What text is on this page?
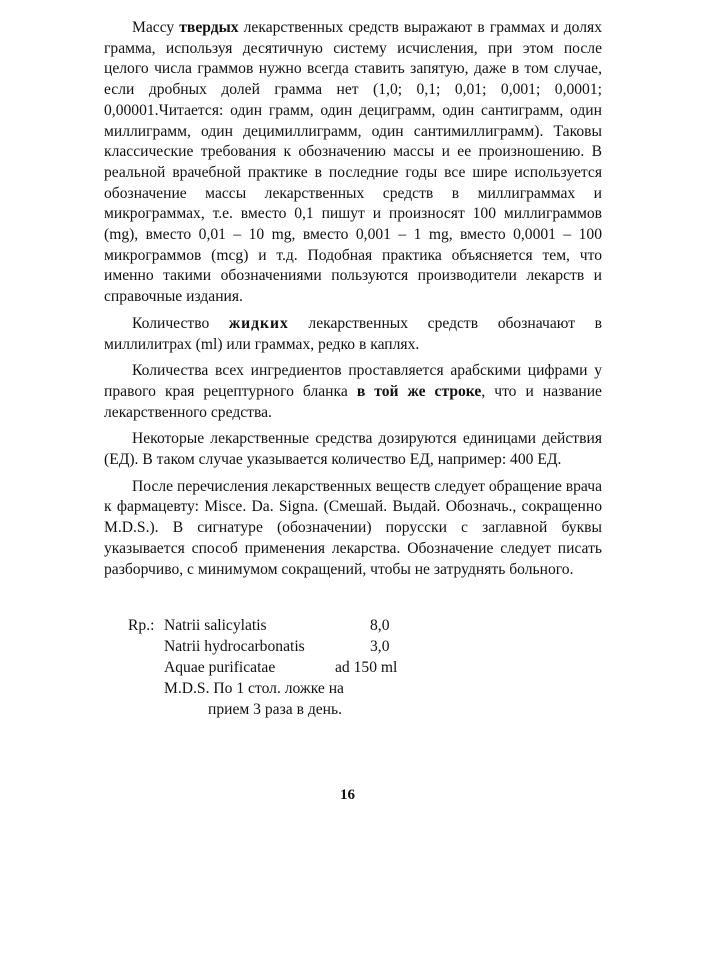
Массу твердых лекарственных средств выражают в граммах и долях грамма, используя десятичную систему исчисления, при этом после целого числа граммов нужно всегда ставить запятую, даже в том случае, если дробных долей грамма нет (1,0; 0,1; 0,01; 0,001; 0,0001; 0,00001.Читается: один грамм, один дециграмм, один сантиграмм, один миллиграмм, один децимиллиграмм, один сантимиллиграмм). Таковы классические требования к обозначению массы и ее произношению. В реальной врачебной практике в последние годы все шире используется обозначение массы лекарственных средств в миллиграммах и микрограммах, т.е. вместо 0,1 пишут и произносят 100 миллиграммов (mg), вместо 0,01 – 10 mg, вместо 0,001 – 1 mg, вместо 0,0001 – 100 микрограммов (mcg) и т.д. Подобная практика объясняется тем, что именно такими обозначениями пользуются производители лекарств и справочные издания.

Количество жидких лекарственных средств обозначают в миллилитрах (ml) или граммах, редко в каплях.

Количества всех ингредиентов проставляется арабскими цифрами у правого края рецептурного бланка в той же строке, что и название лекарственного средства.

Некоторые лекарственные средства дозируются единицами действия (ЕД). В таком случае указывается количество ЕД, например: 400 ЕД.

После перечисления лекарственных веществ следует обращение врача к фармацевту: Misce. Da. Signa. (Смешай. Выдай. Обозначь., сокращенно M.D.S.). В сигнатуре (обозначении) порусски с заглавной буквы указывается способ применения лекарства. Обозначение следует писать разборчиво, с минимумом сокращений, чтобы не затруднять больного.

Rp.: Natrii salicylatis	8,0
Natrii hydrocarbonatis	3,0
Aquae purificatae	ad 150 ml
M.D.S. По 1 стол. ложке на
прием 3 раза в день.
16
